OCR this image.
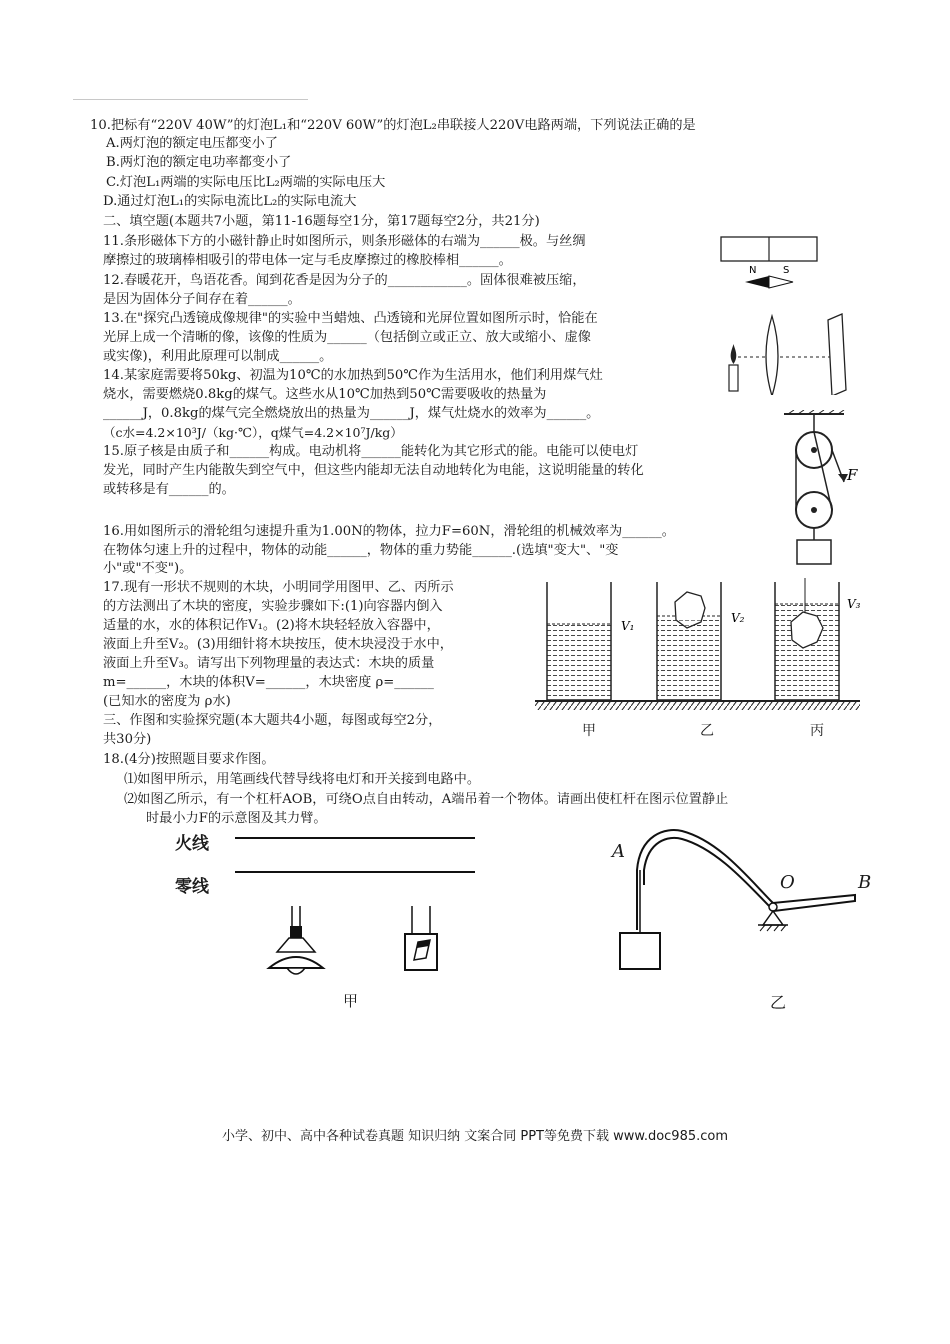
10.把标有“220V 40W”的灯泡L₁和“220V 60W”的灯泡L₂串联接人220V电路两端，下列说法正确的是
A.两灯泡的额定电压都变小了
B.两灯泡的额定电功率都变小了
C.灯泡L₁两端的实际电压比L₂两端的实际电压大
D.通过灯泡L₁的实际电流比L₂的实际电流大
二、填空题(本题共7小题，第11-16题每空1分，第17题每空2分，共21分)
11.条形磁体下方的小磁针静止时如图所示，则条形磁体的右端为______极。与丝绸
摩擦过的玻璃棒相吸引的带电体一定与毛皮摩擦过的橡胶棒相______。
12.春暖花开，鸟语花香。闻到花香是因为分子的____________。固体很难被压缩，
是因为固体分子间存在着______。
13.在"探究凸透镜成像规律"的实验中当蜡烛、凸透镜和光屏位置如图所示时，恰能在
光屏上成一个清晰的像，该像的性质为______（包括倒立或正立、放大或缩小、虚像
或实像)，利用此原理可以制成______。
14.某家庭需要将50kg、初温为10℃的水加热到50℃作为生活用水，他们利用煤气灶
烧水，需要燃烧0.8kg的煤气。这些水从10℃加热到50℃需要吸收的热量为
______J，0.8kg的煤气完全燃烧放出的热量为______J，煤气灶烧水的效率为______。
（c水=4.2×10³J/（kg·℃），q煤气=4.2×10⁷J/kg）
15.原子核是由质子和______构成。电动机将______能转化为其它形式的能。电能可以使电灯
发光，同时产生内能散失到空气中，但这些内能却无法自动地转化为电能，这说明能量的转化
或转移是有______的。
16.用如图所示的滑轮组匀速提升重为1.00N的物体，拉力F=60N，滑轮组的机械效率为______。
在物体匀速上升的过程中，物体的动能______，物体的重力势能______.(选填"变大"、"变
小"或"不变")。
17.现有一形状不规则的木块，小明同学用图甲、乙、丙所示
的方法测出了木块的密度，实验步骤如下:(1)向容器内倒入
适量的水，水的体积记作V₁。(2)将木块轻轻放入容器中，
液面上升至V₂。(3)用细针将木块按压，使木块浸没于水中，
液面上升至V₃。请写出下列物理量的表达式：木块的质量
m=______，木块的体积V=______，木块密度 ρ=______
(已知水的密度为 ρ水)
三、作图和实验探究题(本大题共4小题，每图或每空2分，
共30分)
18.(4分)按照题目要求作图。
⑴如图甲所示，用笔画线代替导线将电灯和开关接到电路中。
⑵如图乙所示，有一个杠杆AOB，可绕O点自由转动，A端吊着一个物体。请画出使杠杆在图示位置静止
时最小力F的示意图及其力臂。
N	S
F
V₁
V₂
V₃
甲	乙	丙
火线
零线
甲
A
O	B
乙
小学、初中、高中各种试卷真题 知识归纳 文案合同 PPT等免费下载 www.doc985.com
